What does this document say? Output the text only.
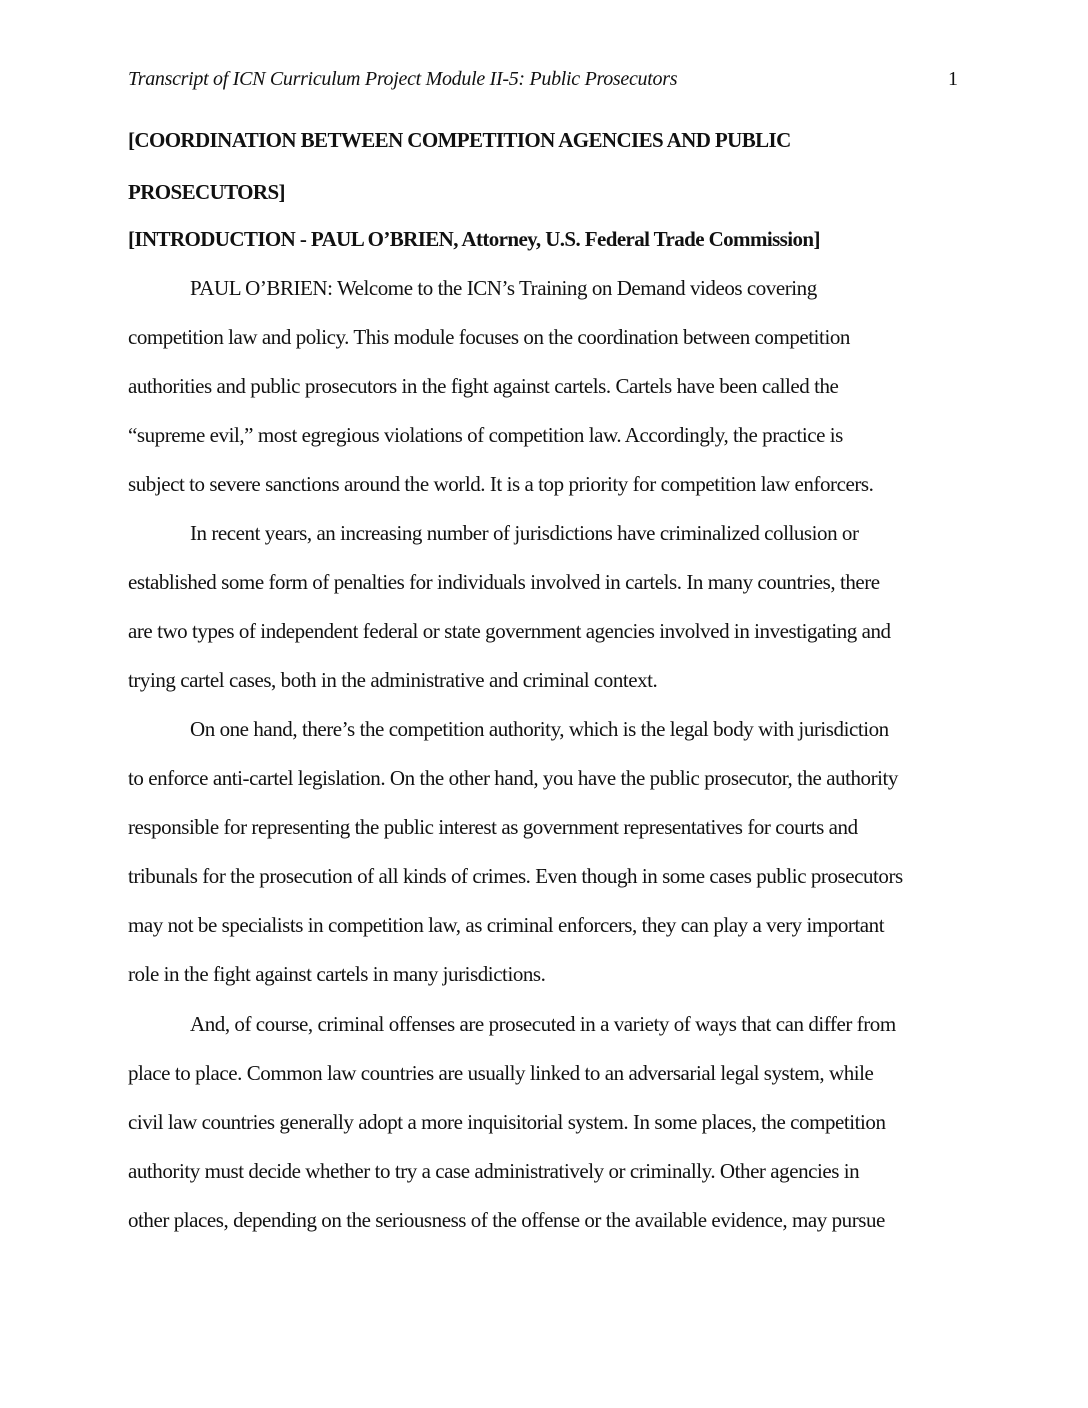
Transcript of ICN Curriculum Project Module II-5: Public Prosecutors	1
[COORDINATION BETWEEN COMPETITION AGENCIES AND PUBLIC
PROSECUTORS]
[INTRODUCTION - PAUL O’BRIEN, Attorney, U.S. Federal Trade Commission]
PAUL O’BRIEN: Welcome to the ICN’s Training on Demand videos covering
competition law and policy. This module focuses on the coordination between competition
authorities and public prosecutors in the fight against cartels. Cartels have been called the
“supreme evil,” most egregious violations of competition law. Accordingly, the practice is
subject to severe sanctions around the world. It is a top priority for competition law enforcers.
In recent years, an increasing number of jurisdictions have criminalized collusion or
established some form of penalties for individuals involved in cartels. In many countries, there
are two types of independent federal or state government agencies involved in investigating and
trying cartel cases, both in the administrative and criminal context.
On one hand, there’s the competition authority, which is the legal body with jurisdiction
to enforce anti-cartel legislation. On the other hand, you have the public prosecutor, the authority
responsible for representing the public interest as government representatives for courts and
tribunals for the prosecution of all kinds of crimes. Even though in some cases public prosecutors
may not be specialists in competition law, as criminal enforcers, they can play a very important
role in the fight against cartels in many jurisdictions.
And, of course, criminal offenses are prosecuted in a variety of ways that can differ from
place to place. Common law countries are usually linked to an adversarial legal system, while
civil law countries generally adopt a more inquisitorial system. In some places, the competition
authority must decide whether to try a case administratively or criminally. Other agencies in
other places, depending on the seriousness of the offense or the available evidence, may pursue
